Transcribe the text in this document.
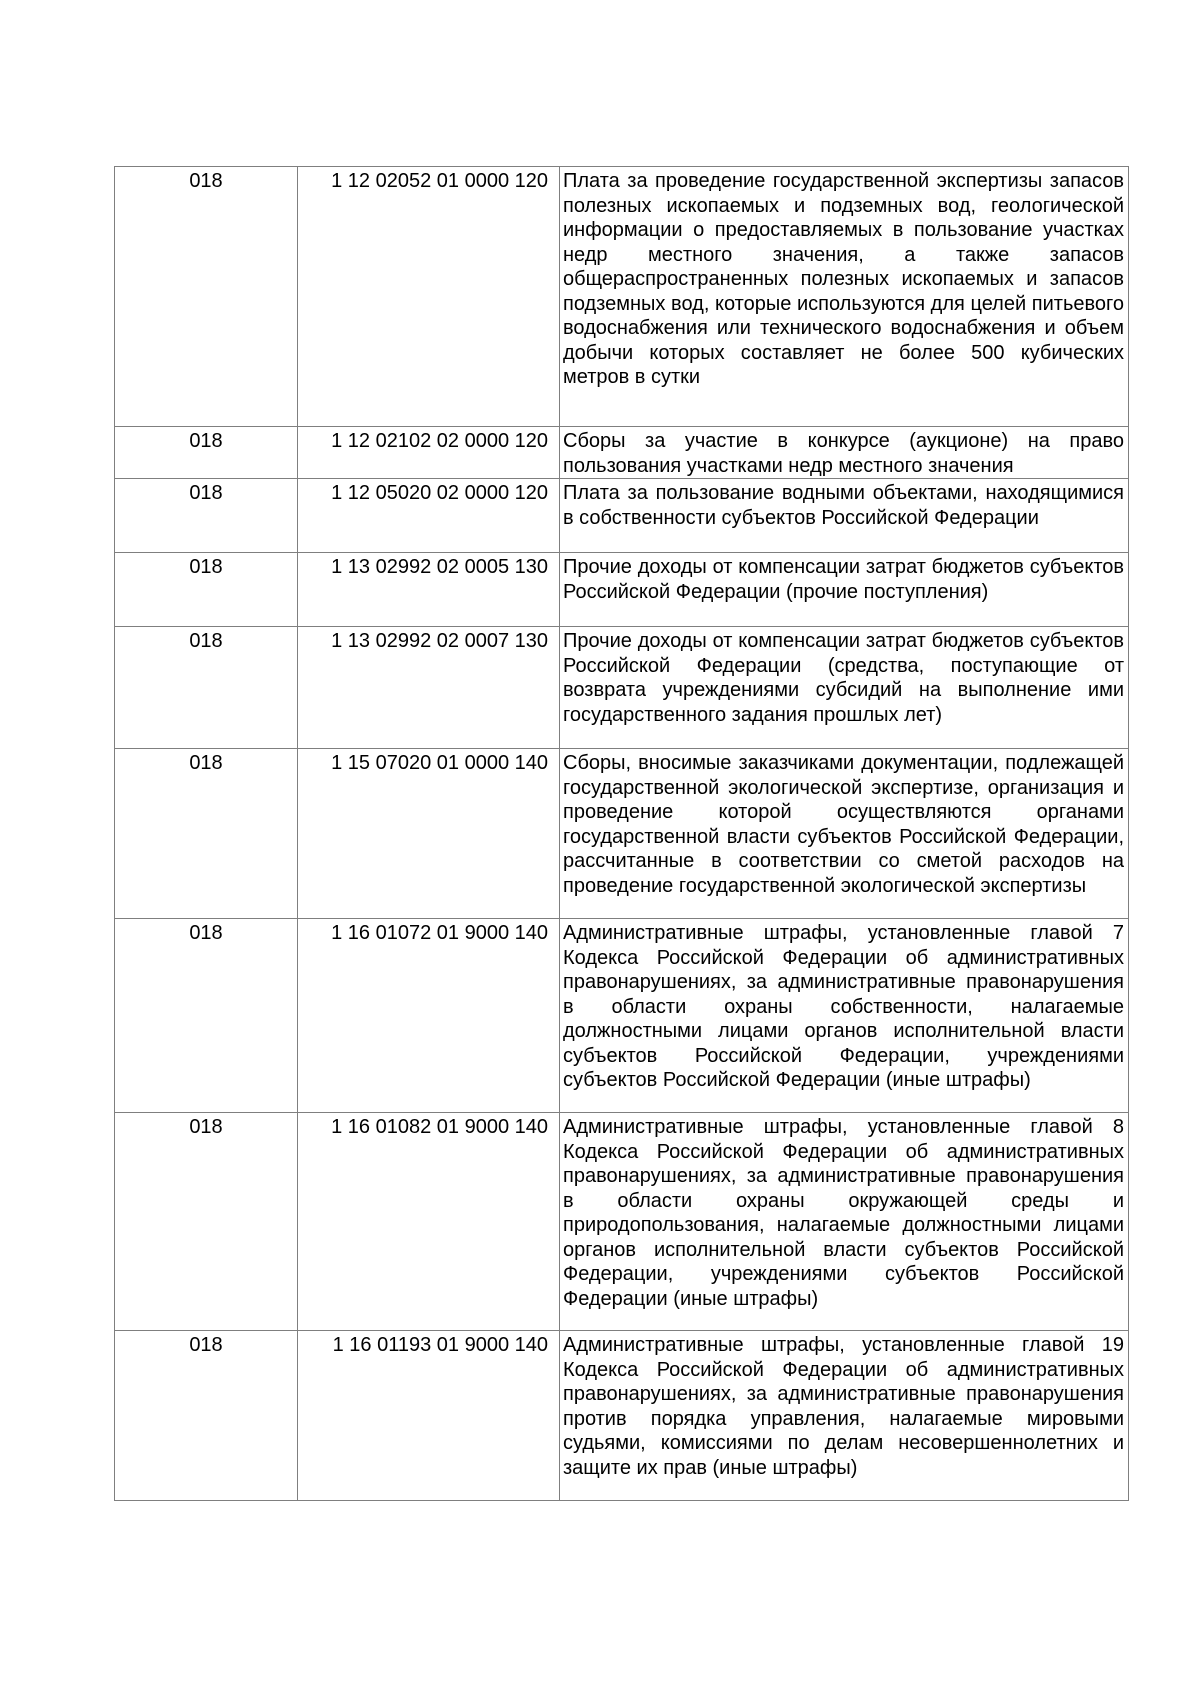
018	1 12 02052 01 0000 120	Плата за проведение государственной экспертизы запасов полезных ископаемых и подземных вод, геологической информации о предоставляемых в пользование участках недр местного значения, а также запасов общераспространенных полезных ископаемых и запасов подземных вод, которые используются для целей питьевого водоснабжения или технического водоснабжения и объем добычи которых составляет не более 500 кубических метров в сутки

018	1 12 02102 02 0000 120	Сборы за участие в конкурсе (аукционе) на право пользования участками недр местного значения

018	1 12 05020 02 0000 120	Плата за пользование водными объектами, находящимися в собственности субъектов Российской Федерации

018	1 13 02992 02 0005 130	Прочие доходы от компенсации затрат бюджетов субъектов Российской Федерации (прочие поступления)

018	1 13 02992 02 0007 130	Прочие доходы от компенсации затрат бюджетов субъектов Российской Федерации (средства, поступающие от возврата учреждениями субсидий на выполнение ими государственного задания прошлых лет)

018	1 15 07020 01 0000 140	Сборы, вносимые заказчиками документации, подлежащей государственной экологической экспертизе, организация и проведение которой осуществляются органами государственной власти субъектов Российской Федерации, рассчитанные в соответствии со сметой расходов на проведение государственной экологической экспертизы

018	1 16 01072 01 9000 140	Административные штрафы, установленные главой 7 Кодекса Российской Федерации об административных правонарушениях, за административные правонарушения в области охраны собственности, налагаемые должностными лицами органов исполнительной власти субъектов Российской Федерации, учреждениями субъектов Российской Федерации (иные штрафы)

018	1 16 01082 01 9000 140	Административные штрафы, установленные главой 8 Кодекса Российской Федерации об административных правонарушениях, за административные правонарушения в области охраны окружающей среды и природопользования, налагаемые должностными лицами органов исполнительной власти субъектов Российской Федерации, учреждениями субъектов Российской Федерации (иные штрафы)

018	1 16 01193 01 9000 140	Административные штрафы, установленные главой 19 Кодекса Российской Федерации об административных правонарушениях, за административные правонарушения против порядка управления, налагаемые мировыми судьями, комиссиями по делам несовершеннолетних и защите их прав (иные штрафы)
